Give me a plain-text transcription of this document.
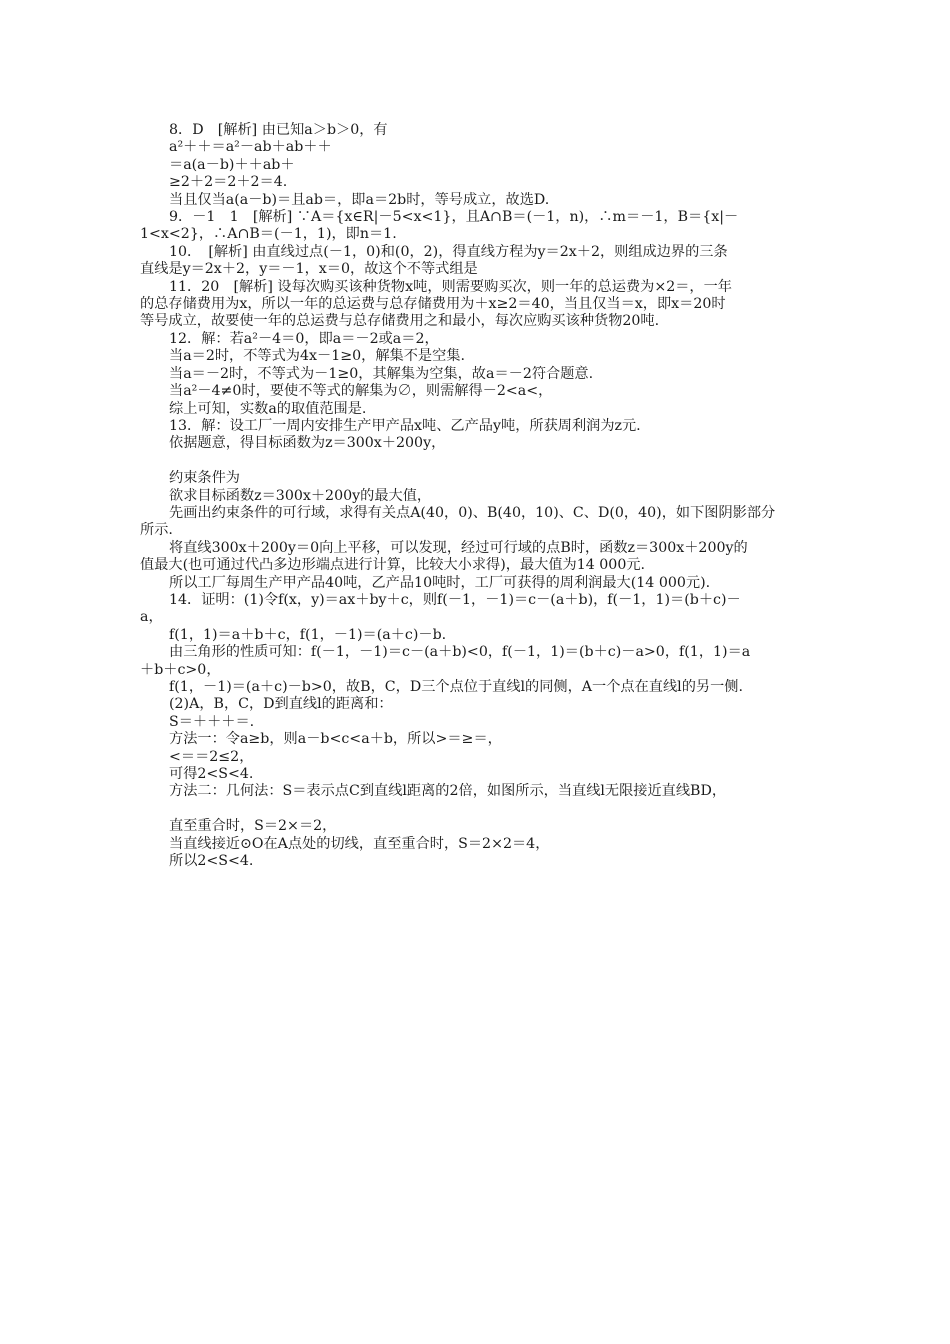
8．D　[解析] 由已知a＞b＞0，有
a²＋＋＝a²－ab＋ab＋＋
＝a(a－b)＋＋ab＋
≥2＋2＝2＋2＝4.
当且仅当a(a－b)＝且ab＝，即a＝2b时，等号成立，故选D.
9．－1　1　[解析] ∵A＝{x∈R|－5<x<1}，且A∩B＝(－1，n)，∴m＝－1，B＝{x|－
1<x<2}，∴A∩B＝(－1，1)，即n＝1.
10．　[解析] 由直线过点(－1，0)和(0，2)，得直线方程为y＝2x＋2，则组成边界的三条
直线是y＝2x＋2，y＝－1，x＝0，故这个不等式组是
11．20　[解析] 设每次购买该种货物x吨，则需要购买次，则一年的总运费为×2＝，一年
的总存储费用为x，所以一年的总运费与总存储费用为＋x≥2＝40，当且仅当＝x，即x＝20时
等号成立，故要使一年的总运费与总存储费用之和最小，每次应购买该种货物20吨.
12．解：若a²－4＝0，即a＝－2或a＝2，
当a＝2时，不等式为4x－1≥0，解集不是空集.
当a＝－2时，不等式为－1≥0，其解集为空集，故a＝－2符合题意.
当a²－4≠0时，要使不等式的解集为∅，则需解得－2<a<，
综上可知，实数a的取值范围是.
13．解：设工厂一周内安排生产甲产品x吨、乙产品y吨，所获周利润为z元.
依据题意，得目标函数为z＝300x＋200y，
约束条件为
欲求目标函数z＝300x＋200y的最大值，
先画出约束条件的可行域，求得有关点A(40，0)、B(40，10)、C、D(0，40)，如下图阴影部分
所示.
将直线300x＋200y＝0向上平移，可以发现，经过可行域的点B时，函数z＝300x＋200y的
值最大(也可通过代凸多边形端点进行计算，比较大小求得)，最大值为14 000元.
所以工厂每周生产甲产品40吨，乙产品10吨时，工厂可获得的周利润最大(14 000元).
14．证明：(1)令f(x，y)＝ax＋by＋c，则f(－1，－1)＝c－(a＋b)，f(－1，1)＝(b＋c)－
a，
f(1，1)＝a＋b＋c，f(1，－1)＝(a＋c)－b.
由三角形的性质可知：f(－1，－1)＝c－(a＋b)<0，f(－1，1)＝(b＋c)－a>0，f(1，1)＝a
＋b＋c>0，
f(1，－1)＝(a＋c)－b>0，故B，C，D三个点位于直线l的同侧，A一个点在直线l的另一侧.
(2)A，B，C，D到直线l的距离和：
S＝＋＋＋＝.
方法一：令a≥b，则a－b<c<a＋b，所以>＝≥＝，
<＝＝2≤2，
可得2<S<4.
方法二：几何法：S＝表示点C到直线l距离的2倍，如图所示，当直线l无限接近直线BD，
直至重合时，S＝2×＝2，
当直线接近⊙O在A点处的切线，直至重合时，S＝2×2＝4，
所以2<S<4.
